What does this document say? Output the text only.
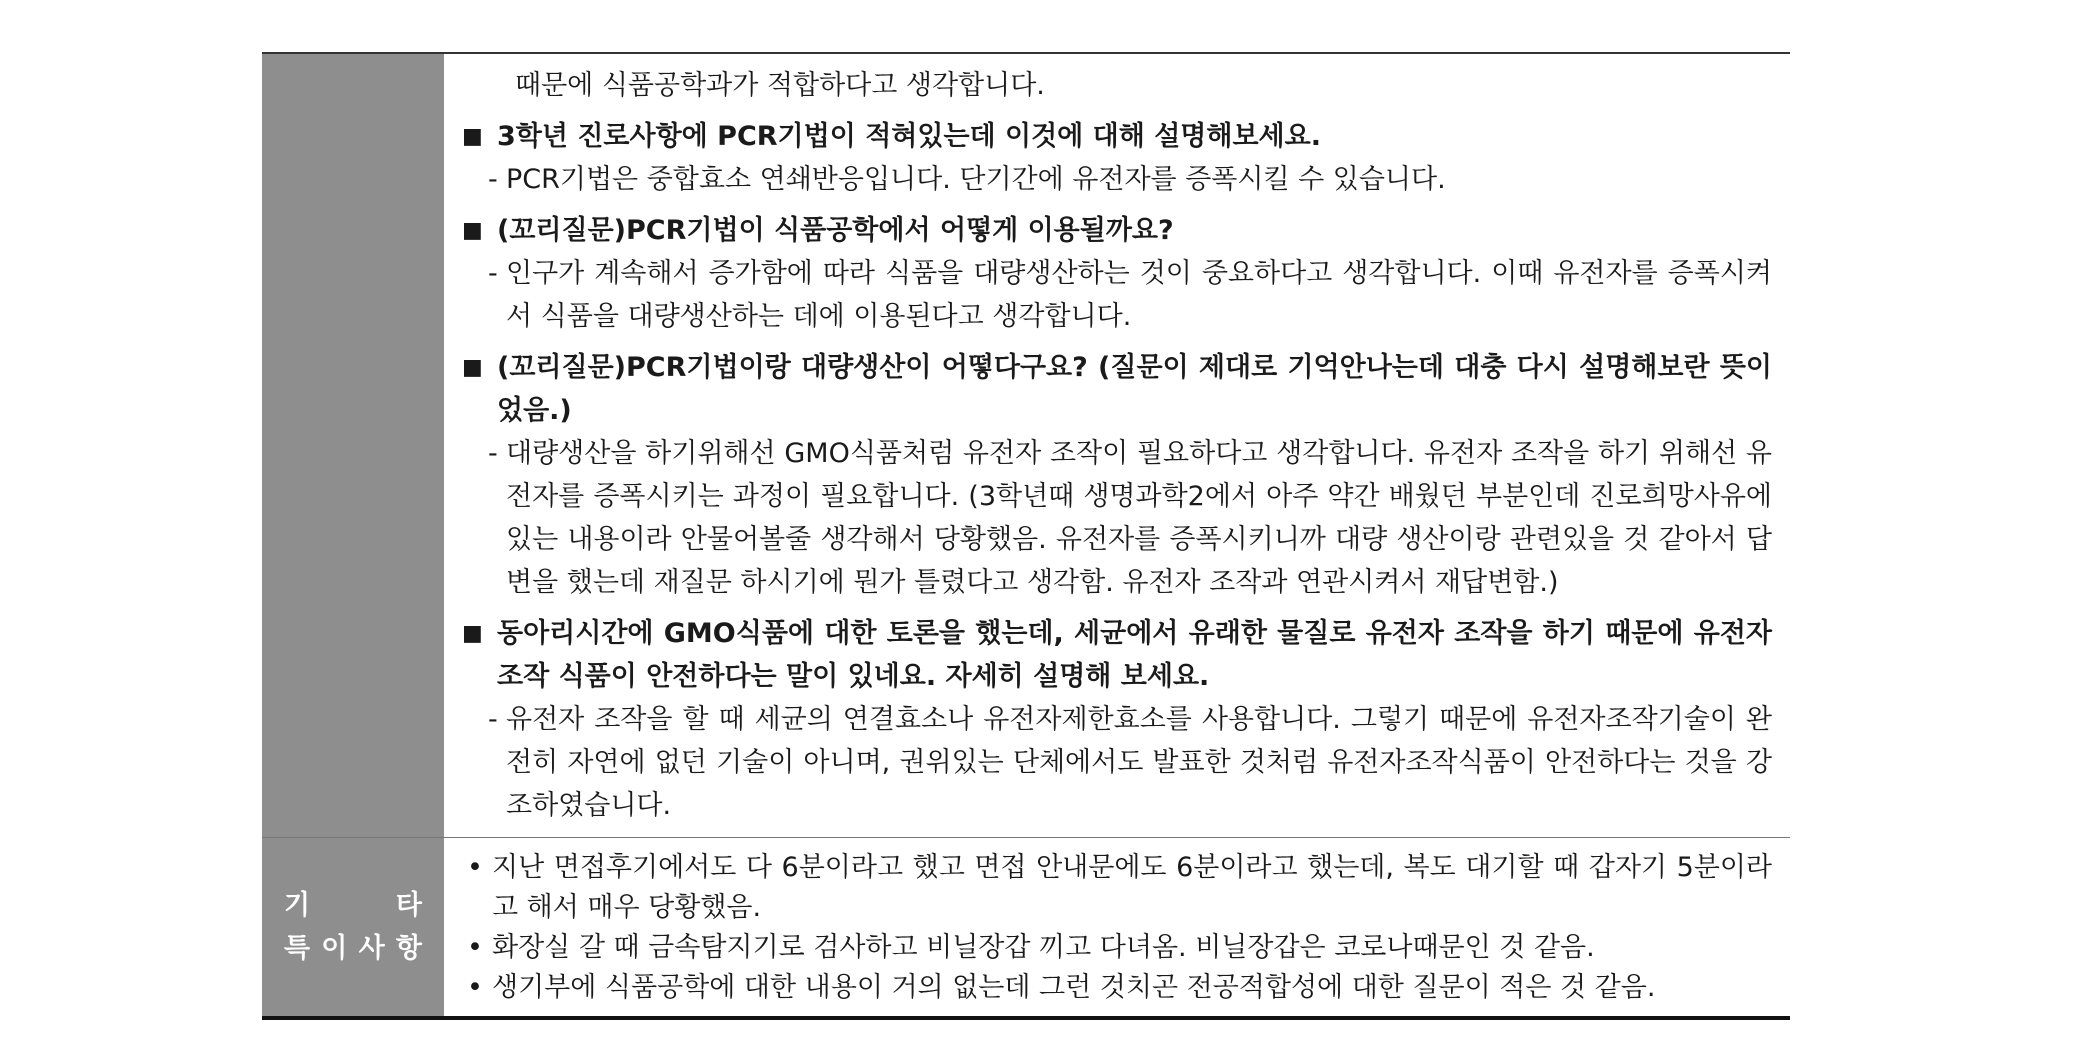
때문에 식품공학과가 적합하다고 생각합니다.
■ 3학년 진로사항에 PCR기법이 적혀있는데 이것에 대해 설명해보세요.
- PCR기법은 중합효소 연쇄반응입니다. 단기간에 유전자를 증폭시킬 수 있습니다.
■ (꼬리질문)PCR기법이 식품공학에서 어떻게 이용될까요?
- 인구가 계속해서 증가함에 따라 식품을 대량생산하는 것이 중요하다고 생각합니다. 이때 유전자를 증폭시켜서 식품을 대량생산하는 데에 이용된다고 생각합니다.
■ (꼬리질문)PCR기법이랑 대량생산이 어떻다구요? (질문이 제대로 기억안나는데 대충 다시 설명해보란 뜻이었음.)
- 대량생산을 하기위해선 GMO식품처럼 유전자 조작이 필요하다고 생각합니다. 유전자 조작을 하기 위해선 유전자를 증폭시키는 과정이 필요합니다. (3학년때 생명과학2에서 아주 약간 배웠던 부분인데 진로희망사유에 있는 내용이라 안물어볼줄 생각해서 당황했음. 유전자를 증폭시키니까 대량 생산이랑 관련있을 것 같아서 답변을 했는데 재질문 하시기에 뭔가 틀렸다고 생각함. 유전자 조작과 연관시켜서 재답변함.)
■ 동아리시간에 GMO식품에 대한 토론을 했는데, 세균에서 유래한 물질로 유전자 조작을 하기 때문에 유전자 조작 식품이 안전하다는 말이 있네요. 자세히 설명해 보세요.
- 유전자 조작을 할 때 세균의 연결효소나 유전자제한효소를 사용합니다. 그렇기 때문에 유전자조작기술이 완전히 자연에 없던 기술이 아니며, 권위있는 단체에서도 발표한 것처럼 유전자조작식품이 안전하다는 것을 강조하였습니다.
기	타
특 이 사 항
• 지난 면접후기에서도 다 6분이라고 했고 면접 안내문에도 6분이라고 했는데, 복도 대기할 때 갑자기 5분이라고 해서 매우 당황했음.
• 화장실 갈 때 금속탐지기로 검사하고 비닐장갑 끼고 다녀옴. 비닐장갑은 코로나때문인 것 같음.
• 생기부에 식품공학에 대한 내용이 거의 없는데 그런 것치곤 전공적합성에 대한 질문이 적은 것 같음.
